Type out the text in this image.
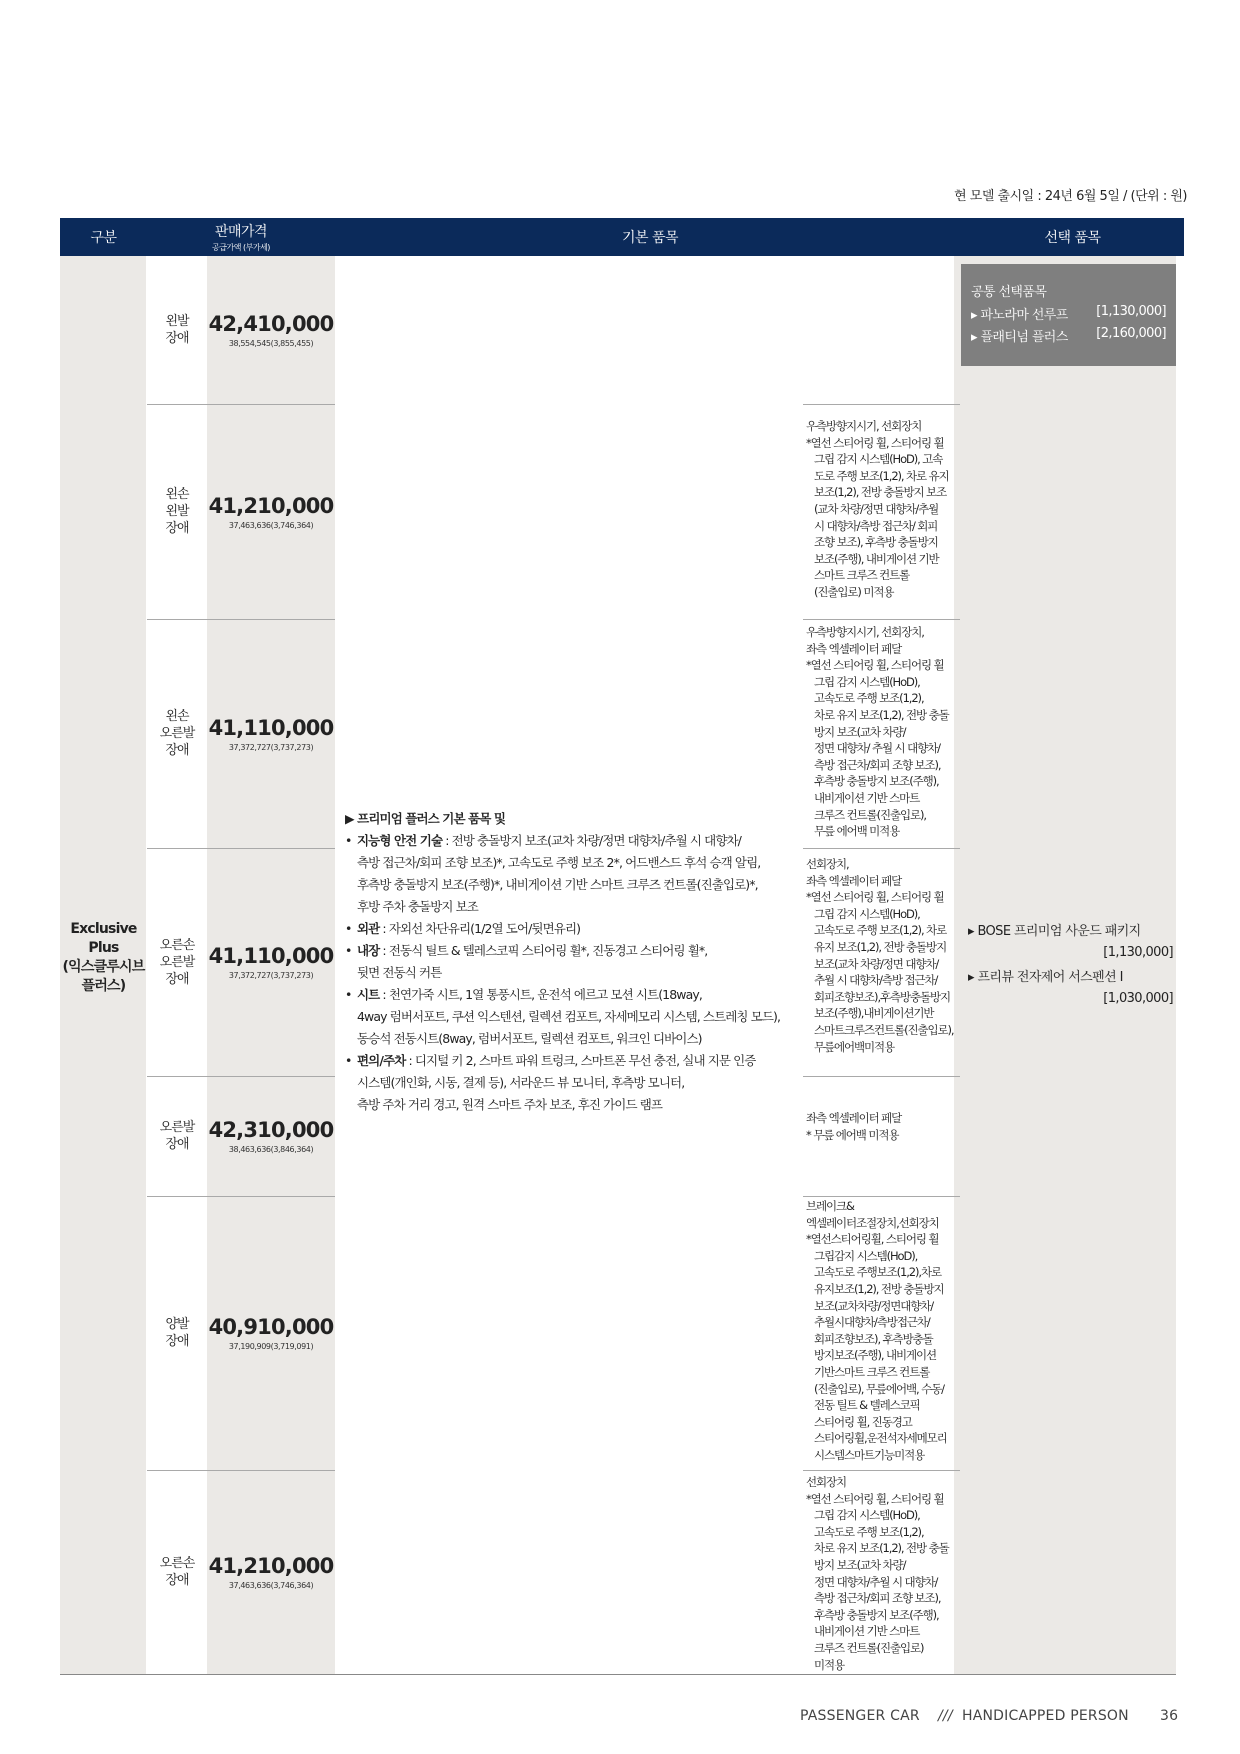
현 모델 출시일 : 24년 6월 5일 / (단위 : 원)
구분	판매가격
공급가액 (부가세)
기본 품목	선택 품목
Exclusive
Plus
(익스클루시브
플러스)
왼발
장애
42,410,000
38,554,545(3,855,455)
왼손
왼발
장애
41,210,000
37,463,636(3,746,364)
왼손
오른발
장애
41,110,000
37,372,727(3,737,273)
오른손
오른발
장애
41,110,000
37,372,727(3,737,273)
오른발
장애
42,310,000
38,463,636(3,846,364)
양발
장애
40,910,000
37,190,909(3,719,091)
오른손
장애
41,210,000
37,463,636(3,746,364)
▶ 프리미엄 플러스 기본 품목 및
• 지능형 안전 기술 : 전방 충돌방지 보조(교차 차량/정면 대향차/추월 시 대향차/
측방 접근차/회피 조향 보조)*, 고속도로 주행 보조 2*, 어드밴스드 후석 승객 알림,
후측방 충돌방지 보조(주행)*, 내비게이션 기반 스마트 크루즈 컨트롤(진출입로)*,
후방 주차 충돌방지 보조
• 외관 : 자외선 차단유리(1/2열 도어/뒷면유리)
• 내장 : 전동식 틸트 & 텔레스코픽 스티어링 휠*, 진동경고 스티어링 휠*,
뒷면 전동식 커튼
• 시트 : 천연가죽 시트, 1열 통풍시트, 운전석 에르고 모션 시트(18way,
4way 럼버서포트, 쿠션 익스텐션, 릴렉션 컴포트, 자세메모리 시스템, 스트레칭 모드),
동승석 전동시트(8way, 럼버서포트, 릴렉션 컴포트, 워크인 디바이스)
• 편의/주차 : 디지털 키 2, 스마트 파워 트렁크, 스마트폰 무선 충전, 실내 지문 인증
시스템(개인화, 시동, 결제 등), 서라운드 뷰 모니터, 후측방 모니터,
측방 주차 거리 경고, 원격 스마트 주차 보조, 후진 가이드 램프
우측방향지시기, 선회장치
*열선 스티어링 휠, 스티어링 휠
그립 감지 시스템(HoD), 고속
도로 주행 보조(1,2), 차로 유지
보조(1,2), 전방 충돌방지 보조
(교차 차량/정면 대향차/추월
시 대향차/측방 접근차/ 회피
조향 보조), 후측방 충돌방지
보조(주행), 내비게이션 기반
스마트 크루즈 컨트롤
(진출입로) 미적용
우측방향지시기, 선회장치,
좌측 엑셀레이터 페달
*열선 스티어링 휠, 스티어링 휠
그립 감지 시스템(HoD),
고속도로 주행 보조(1,2),
차로 유지 보조(1,2), 전방 충돌
방지 보조(교차 차량/
정면 대향차/ 추월 시 대향차/
측방 접근차/회피 조향 보조),
후측방 충돌방지 보조(주행),
내비게이션 기반 스마트
크루즈 컨트롤(진출입로),
무릎 에어백 미적용
선회장치,
좌측 엑셀레이터 페달
*열선 스티어링 휠, 스티어링 휠
그립 감지 시스템(HoD),
고속도로 주행 보조(1,2), 차로
유지 보조(1,2), 전방 충돌방지
보조(교차 차량/정면 대향차/
추월 시 대향차/측방 접근차/
회피조향보조),후측방충돌방지
보조(주행),내비게이션기반
스마트크루즈컨트롤(진출입로),
무릎에어백미적용
좌측 엑셀레이터 페달
* 무릎 에어백 미적용
브레이크&
엑셀레이터조절장치,선회장치
*열선스티어링휠, 스티어링 휠
그립감지 시스템(HoD),
고속도로 주행보조(1,2),차로
유지보조(1,2), 전방 충돌방지
보조(교차차량/정면대향차/
추월시대향차/측방접근차/
회피조향보조), 후측방충돌
방지보조(주행), 내비게이션
기반스마트 크루즈 컨트롤
(진출입로), 무릎에어백, 수동/
전동 틸트 & 텔레스코픽
스티어링 휠, 진동경고
스티어링휠,운전석자세메모리
시스템스마트기능미적용
선회장치
*열선 스티어링 휠, 스티어링 휠
그립 감지 시스템(HoD),
고속도로 주행 보조(1,2),
차로 유지 보조(1,2), 전방 충돌
방지 보조(교차 차량/
정면 대향차/추월 시 대향차/
측방 접근차/회피 조향 보조),
후측방 충돌방지 보조(주행),
내비게이션 기반 스마트
크루즈 컨트롤(진출입로)
미적용
공통 선택품목
▸ 파노라마 선루프 [1,130,000]
▸ 플래티넘 플러스 [2,160,000]
▸ BOSE 프리미엄 사운드 패키지
[1,130,000]
▸ 프리뷰 전자제어 서스펜션 I
[1,030,000]
PASSENGER CAR /// HANDICAPPED PERSON 36
